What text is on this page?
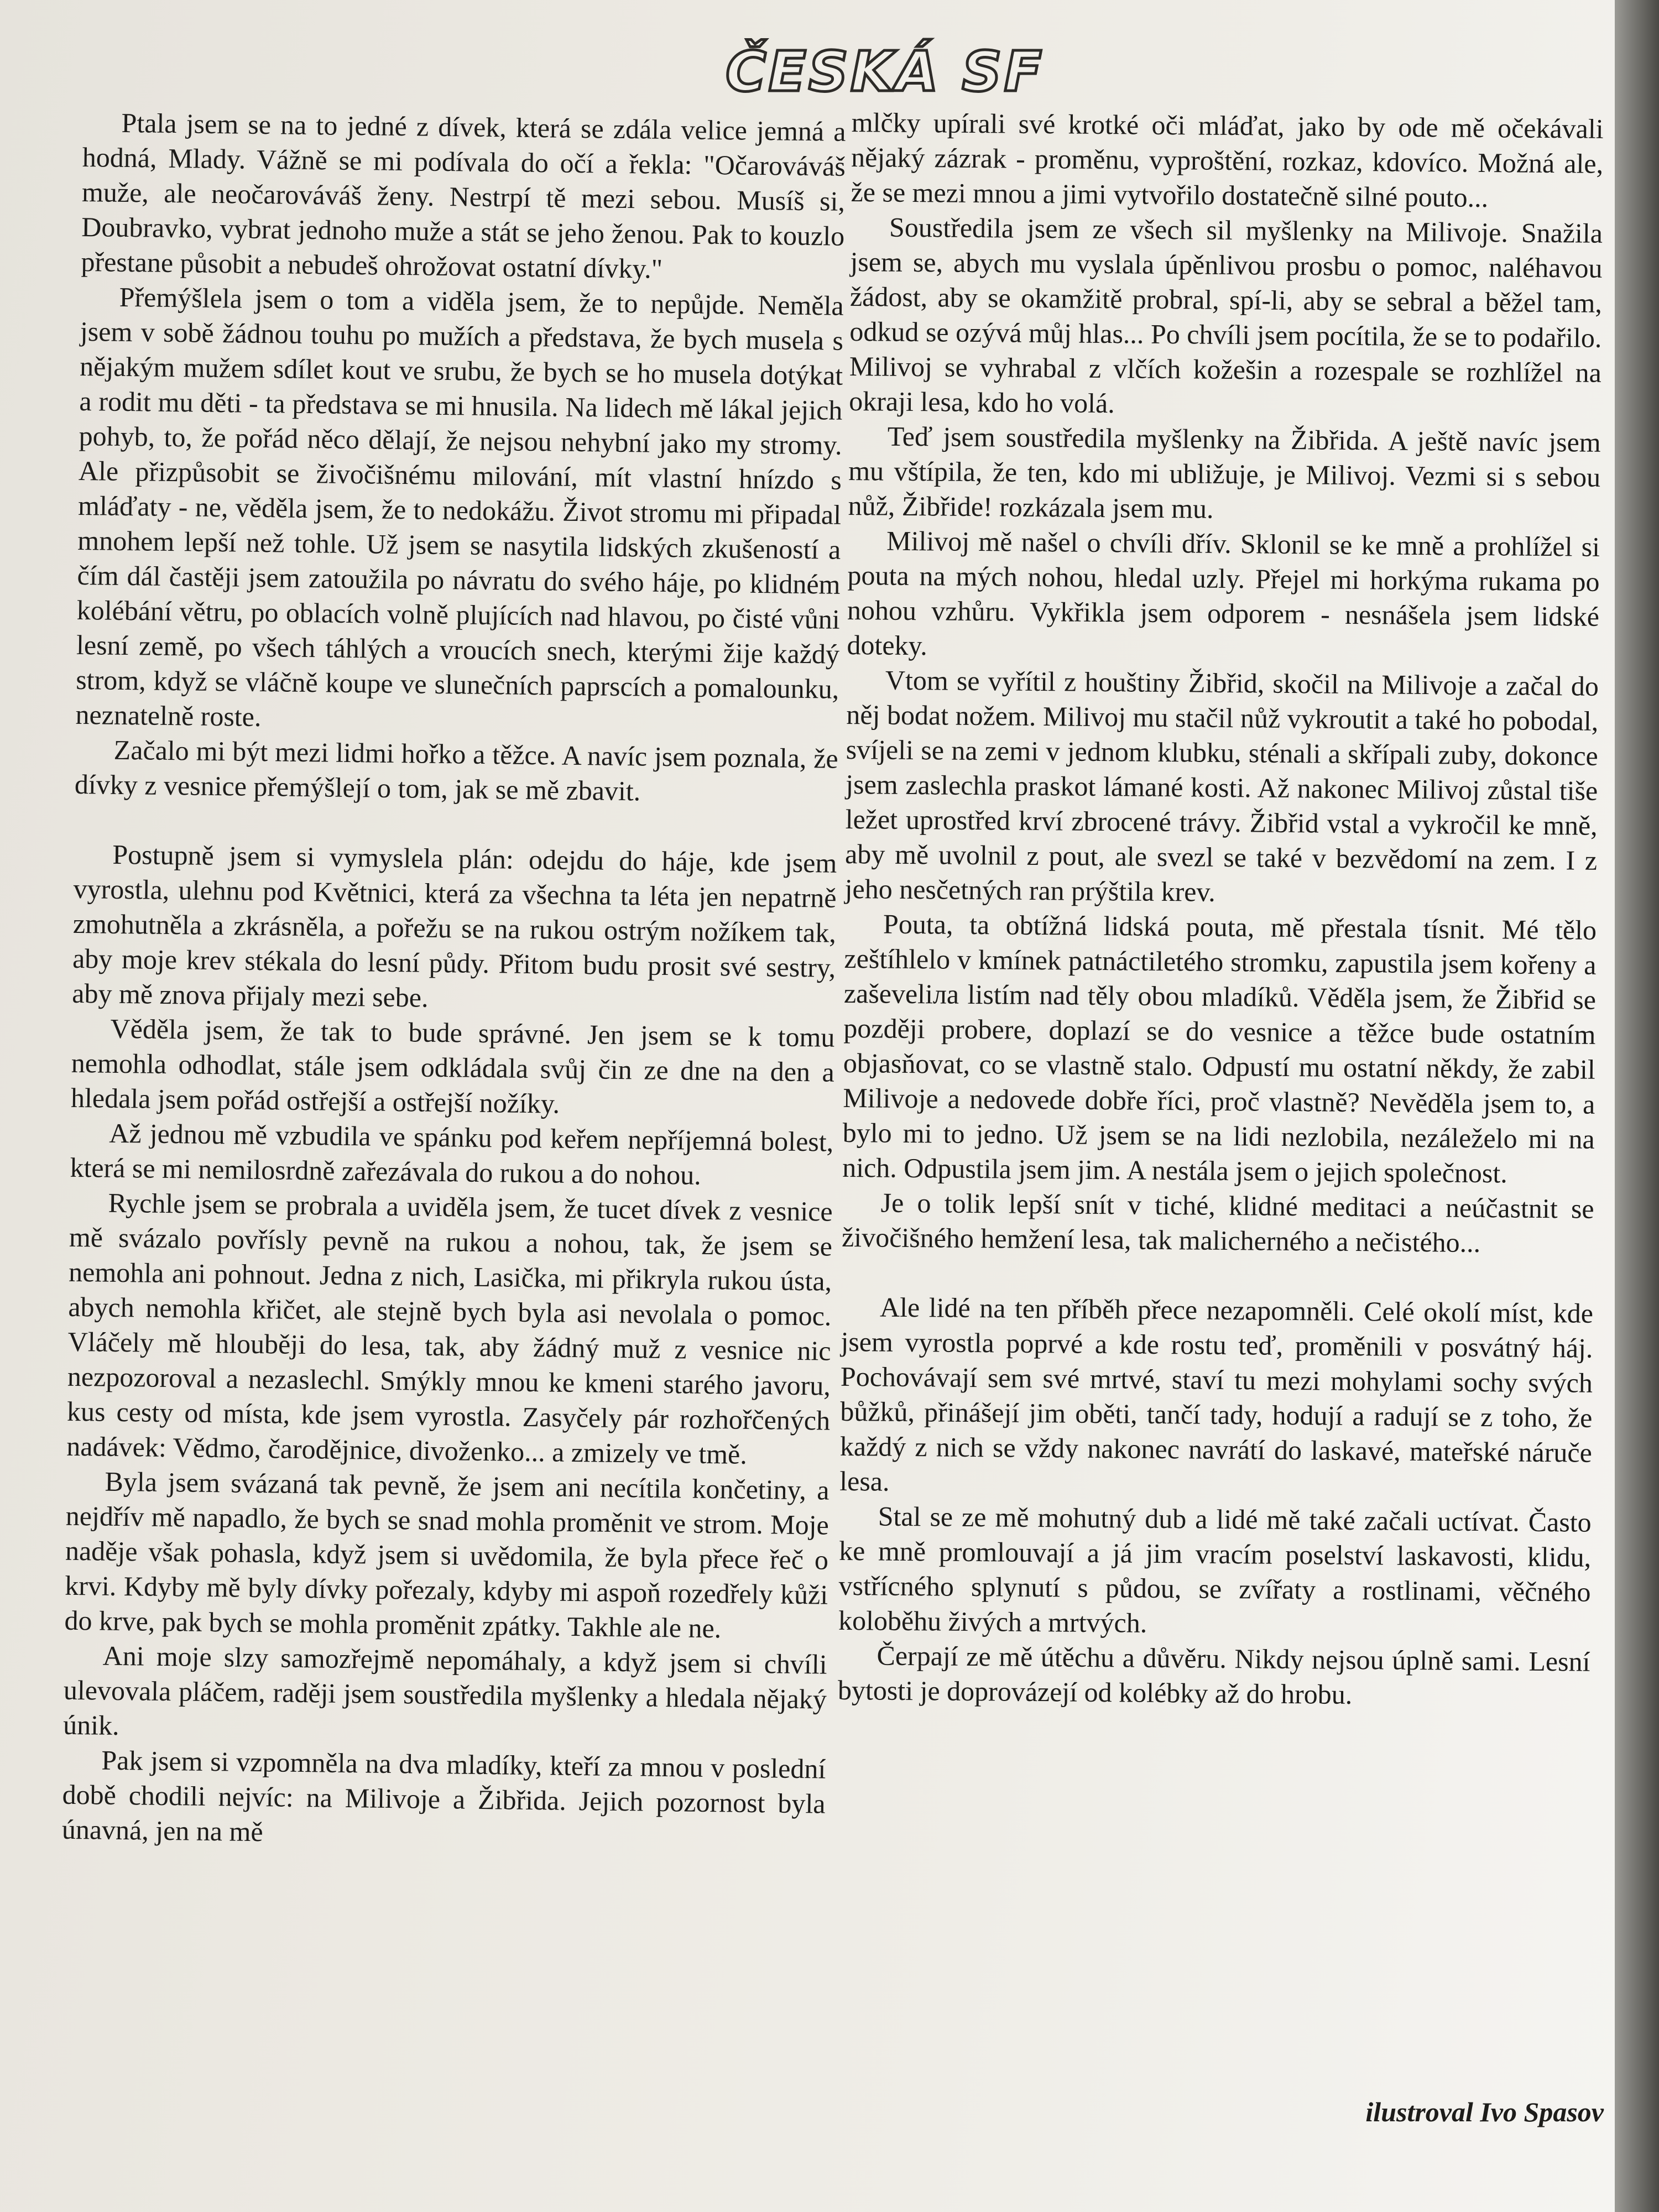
ČESKÁ SF

Ptala jsem se na to jedné z dívek, která se zdála velice jemná a hodná, Mlady. Vážně se mi podívala do očí a řekla: "Očarováváš muže, ale neočarováváš ženy. Nestrpí tě mezi sebou. Musíš si, Doubravko, vybrat jednoho muže a stát se jeho ženou. Pak to kouzlo přestane působit a nebudeš ohrožovat ostatní dívky."

Přemýšlela jsem o tom a viděla jsem, že to nepůjde. Neměla jsem v sobě žádnou touhu po mužích a představa, že bych musela s nějakým mužem sdílet kout ve srubu, že bych se ho musela dotýkat a rodit mu děti - ta představa se mi hnusila. Na lidech mě lákal jejich pohyb, to, že pořád něco dělají, že nejsou nehybní jako my stromy. Ale přizpůsobit se živočišnému milování, mít vlastní hnízdo s mláďaty - ne, věděla jsem, že to nedokážu. Život stromu mi připadal mnohem lepší než tohle. Už jsem se nasytila lidských zkušeností a čím dál častěji jsem zatoužila po návratu do svého háje, po klidném kolébání větru, po oblacích volně plujících nad hlavou, po čisté vůni lesní země, po všech táhlých a vroucích snech, kterými žije každý strom, když se vláčně koupe ve slunečních paprscích a pomalounku, neznatelně roste.

Začalo mi být mezi lidmi hořko a těžce. A navíc jsem poznala, že dívky z vesnice přemýšlejí o tom, jak se mě zbavit.

Postupně jsem si vymyslela plán: odejdu do háje, kde jsem vyrostla, ulehnu pod Květnici, která za všechna ta léta jen nepatrně zmohutněla a zkrásněla, a pořežu se na rukou ostrým nožíkem tak, aby moje krev stékala do lesní půdy. Přitom budu prosit své sestry, aby mě znova přijaly mezi sebe.

Věděla jsem, že tak to bude správné. Jen jsem se k tomu nemohla odhodlat, stále jsem odkládala svůj čin ze dne na den a hledala jsem pořád ostřejší a ostřejší nožíky.

Až jednou mě vzbudila ve spánku pod keřem nepříjemná bolest, která se mi nemilosrdně zařezávala do rukou a do nohou.

Rychle jsem se probrala a uviděla jsem, že tucet dívek z vesnice mě svázalo povřísly pevně na rukou a nohou, tak, že jsem se nemohla ani pohnout. Jedna z nich, Lasička, mi přikryla rukou ústa, abych nemohla křičet, ale stejně bych byla asi nevolala o pomoc. Vláčely mě hlouběji do lesa, tak, aby žádný muž z vesnice nic nezpozoroval a nezaslechl. Smýkly mnou ke kmeni starého javoru, kus cesty od místa, kde jsem vyrostla. Zasyčely pár rozhořčených nadávek: Vědmo, čarodějnice, divoženko... a zmizely ve tmě.

Byla jsem svázaná tak pevně, že jsem ani necítila končetiny, a nejdřív mě napadlo, že bych se snad mohla proměnit ve strom. Moje naděje však pohasla, když jsem si uvědomila, že byla přece řeč o krvi. Kdyby mě byly dívky pořezaly, kdyby mi aspoň rozedřely kůži do krve, pak bych se mohla proměnit zpátky. Takhle ale ne.

Ani moje slzy samozřejmě nepomáhaly, a když jsem si chvíli ulevovala pláčem, raději jsem soustředila myšlenky a hledala nějaký únik.

Pak jsem si vzpomněla na dva mladíky, kteří za mnou v poslední době chodili nejvíc: na Milivoje a Žibřida. Jejich pozornost byla únavná, jen na mě

mlčky upírali své krotké oči mláďat, jako by ode mě očekávali nějaký zázrak - proměnu, vyproštění, rozkaz, kdovíco. Možná ale, že se mezi mnou a jimi vytvořilo dostatečně silné pouto...

Soustředila jsem ze všech sil myšlenky na Milivoje. Snažila jsem se, abych mu vyslala úpěnlivou prosbu o pomoc, naléhavou žádost, aby se okamžitě probral, spí-li, aby se sebral a běžel tam, odkud se ozývá můj hlas... Po chvíli jsem pocítila, že se to podařilo. Milivoj se vyhrabal z vlčích kožešin a rozespale se rozhlížel na okraji lesa, kdo ho volá.

Teď jsem soustředila myšlenky na Žibřida. A ještě navíc jsem mu vštípila, že ten, kdo mi ubližuje, je Milivoj. Vezmi si s sebou nůž, Žibřide! rozkázala jsem mu.

Milivoj mě našel o chvíli dřív. Sklonil se ke mně a prohlížel si pouta na mých nohou, hledal uzly. Přejel mi horkýma rukama po nohou vzhůru. Vykřikla jsem odporem - nesnášela jsem lidské doteky.

Vtom se vyřítil z houštiny Žibřid, skočil na Milivoje a začal do něj bodat nožem. Milivoj mu stačil nůž vykroutit a také ho pobodal, svíjeli se na zemi v jednom klubku, sténali a skřípali zuby, dokonce jsem zaslechla praskot lámané kosti. Až nakonec Milivoj zůstal tiše ležet uprostřed krví zbrocené trávy. Žibřid vstal a vykročil ke mně, aby mě uvolnil z pout, ale svezl se také v bezvědomí na zem. I z jeho nesčetných ran prýštila krev.

Pouta, ta obtížná lidská pouta, mě přestala tísnit. Mé tělo zeštíhlelo v kmínek patnáctiletého stromku, zapustila jsem kořeny a zaševeliла listím nad těly obou mladíků. Věděla jsem, že Žibřid se později probere, doplazí se do vesnice a těžce bude ostatním objasňovat, co se vlastně stalo. Odpustí mu ostatní někdy, že zabil Milivoje a nedovede dobře říci, proč vlastně? Nevěděla jsem to, a bylo mi to jedno. Už jsem se na lidi nezlobila, nezáleželo mi na nich. Odpustila jsem jim. A nestála jsem o jejich společnost.

Je o tolik lepší snít v tiché, klidné meditaci a neúčastnit se živočišného hemžení lesa, tak malicherného a nečistého...

Ale lidé na ten příběh přece nezapomněli. Celé okolí míst, kde jsem vyrostla poprvé a kde rostu teď, proměnili v posvátný háj. Pochovávají sem své mrtvé, staví tu mezi mohylami sochy svých bůžků, přinášejí jim oběti, tančí tady, hodují a radují se z toho, že každý z nich se vždy nakonec navrátí do laskavé, mateřské náruče lesa.

Stal se ze mě mohutný dub a lidé mě také začali uctívat. Často ke mně promlouvají a já jim vracím poselství laskavosti, klidu, vstřícného splynutí s půdou, se zvířaty a rostlinami, věčného koloběhu živých a mrtvých.

Čerpají ze mě útěchu a důvěru. Nikdy nejsou úplně sami. Lesní bytosti je doprovázejí od kolébky až do hrobu.

ilustroval Ivo Spasov
